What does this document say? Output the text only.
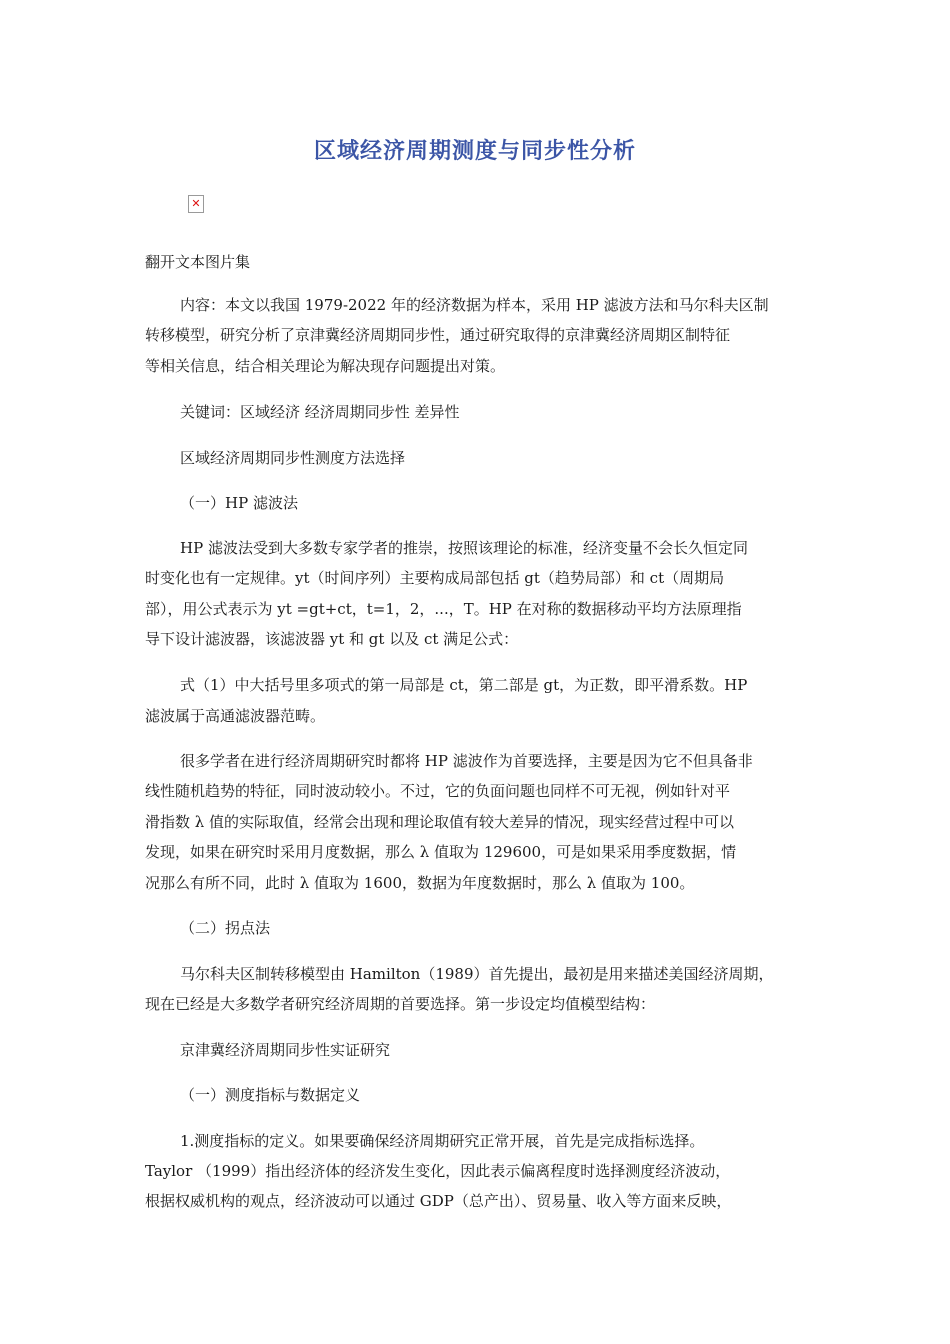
区域经济周期测度与同步性分析
✕
翻开文本图片集
内容：本文以我国 1979-2022 年的经济数据为样本，采用 HP 滤波方法和马尔科夫区制
转移模型，研究分析了京津冀经济周期同步性，通过研究取得的京津冀经济周期区制特征
等相关信息，结合相关理论为解决现存问题提出对策。
关键词：区域经济 经济周期同步性 差异性
区域经济周期同步性测度方法选择
（一）HP 滤波法
HP 滤波法受到大多数专家学者的推崇，按照该理论的标准，经济变量不会长久恒定同
时变化也有一定规律。yt（时间序列）主要构成局部包括 gt（趋势局部）和 ct（周期局
部），用公式表示为 yt =gt+ct，t=1，2，...，T。HP 在对称的数据移动平均方法原理指
导下设计滤波器，该滤波器 yt 和 gt 以及 ct 满足公式：
式（1）中大括号里多项式的第一局部是 ct，第二部是 gt，为正数，即平滑系数。HP
滤波属于高通滤波器范畴。
很多学者在进行经济周期研究时都将 HP 滤波作为首要选择，主要是因为它不但具备非
线性随机趋势的特征，同时波动较小。不过，它的负面问题也同样不可无视，例如针对平
滑指数 λ 值的实际取值，经常会出现和理论取值有较大差异的情况，现实经营过程中可以
发现，如果在研究时采用月度数据，那么 λ 值取为 129600，可是如果采用季度数据，情
况那么有所不同，此时 λ 值取为 1600，数据为年度数据时，那么 λ 值取为 100。
（二）拐点法
马尔科夫区制转移模型由 Hamilton（1989）首先提出，最初是用来描述美国经济周期，
现在已经是大多数学者研究经济周期的首要选择。第一步设定均值模型结构：
京津冀经济周期同步性实证研究
（一）测度指标与数据定义
1.测度指标的定义。如果要确保经济周期研究正常开展，首先是完成指标选择。
Taylor （1999）指出经济体的经济发生变化，因此表示偏离程度时选择测度经济波动，
根据权威机构的观点，经济波动可以通过 GDP（总产出）、贸易量、收入等方面来反映，
